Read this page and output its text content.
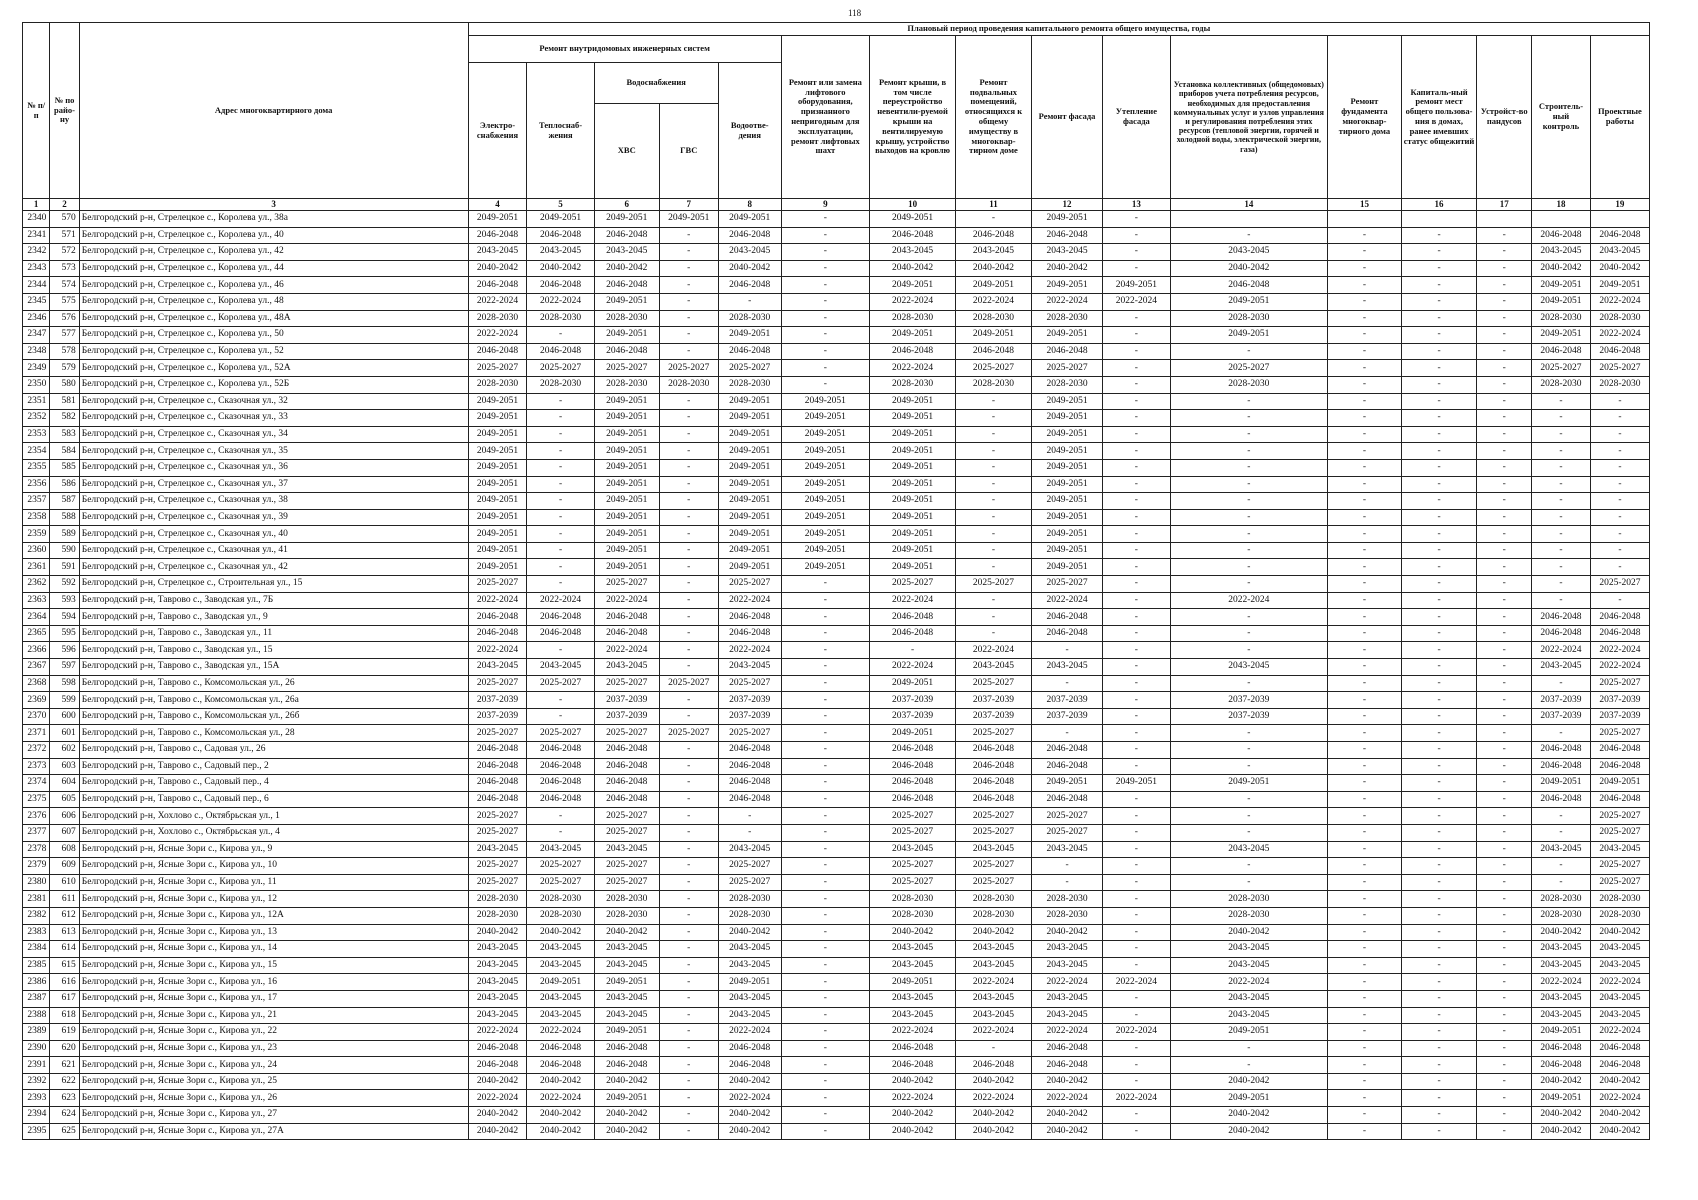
118
№ п/п	№ по райо-ну	Адрес многоквартирного дома	Плановый период проведения капитального ремонта общего имущества, годы															
			Ремонт внутридомовых инженерных систем					Ремонт или замена лифтового оборудования, признанного непригодным для эксплуатации, ремонт лифтовых шахт	Ремонт крыши, в том числе переустройство невентили-руемой крыши на вентилируемую крышу, устройство выходов на кровлю	Ремонт подвальных помещений, относящихся к общему имуществу в многоквар-тирном доме	Ремонт фасада	Утепление фасада	Установка коллективных (общедомовых) приборов учета потребления ресурсов, необходимых для предоставления коммунальных услуг и узлов управления и регулирования потребления этих ресурсов (тепловой энергии, горячей и холодной воды, электрической энергии, газа)	Ремонт фундамента многоквар-тирного дома	Капиталь-ный ремонт мест общего пользова-ния в домах, ранее имевших статус общежитий	Устройст-во пандусов	Строитель-ный контроль	Проектные работы
			Электро-снабжения	Теплоснаб-жения	Водоснабжения		Водоотве-дения											
					ХВС	ГВС												
1	2	3	4	5	6	7	8	9	10	11	12	13	14	15	16	17	18	19
2340	570	Белгородский р-н, Стрелецкое с., Королева ул., 38а	2049-2051	2049-2051	2049-2051	2049-2051	2049-2051	-	2049-2051	-	2049-2051	-						
2341	571	Белгородский р-н, Стрелецкое с., Королева ул., 40	2046-2048	2046-2048	2046-2048	-	2046-2048	-	2046-2048	2046-2048	2046-2048	-	-	-	-	-	2046-2048	2046-2048
2342	572	Белгородский р-н, Стрелецкое с., Королева ул., 42	2043-2045	2043-2045	2043-2045	-	2043-2045	-	2043-2045	2043-2045	2043-2045	-	2043-2045	-	-	-	2043-2045	2043-2045
2343	573	Белгородский р-н, Стрелецкое с., Королева ул., 44	2040-2042	2040-2042	2040-2042	-	2040-2042	-	2040-2042	2040-2042	2040-2042	-	2040-2042	-	-	-	2040-2042	2040-2042
2344	574	Белгородский р-н, Стрелецкое с., Королева ул., 46	2046-2048	2046-2048	2046-2048	-	2046-2048	-	2049-2051	2049-2051	2049-2051	2049-2051	2046-2048	-	-	-	2049-2051	2049-2051
2345	575	Белгородский р-н, Стрелецкое с., Королева ул., 48	2022-2024	2022-2024	2049-2051	-	-	-	2022-2024	2022-2024	2022-2024	2022-2024	2049-2051	-	-	-	2049-2051	2022-2024
2346	576	Белгородский р-н, Стрелецкое с., Королева ул., 48А	2028-2030	2028-2030	2028-2030	-	2028-2030	-	2028-2030	2028-2030	2028-2030	-	2028-2030	-	-	-	2028-2030	2028-2030
2347	577	Белгородский р-н, Стрелецкое с., Королева ул., 50	2022-2024	-	2049-2051	-	2049-2051	-	2049-2051	2049-2051	2049-2051	-	2049-2051	-	-	-	2049-2051	2022-2024
2348	578	Белгородский р-н, Стрелецкое с., Королева ул., 52	2046-2048	2046-2048	2046-2048	-	2046-2048	-	2046-2048	2046-2048	2046-2048	-	-	-	-	-	2046-2048	2046-2048
2349	579	Белгородский р-н, Стрелецкое с., Королева ул., 52А	2025-2027	2025-2027	2025-2027	2025-2027	2025-2027	-	2022-2024	2025-2027	2025-2027	-	2025-2027	-	-	-	2025-2027	2025-2027
2350	580	Белгородский р-н, Стрелецкое с., Королева ул., 52Б	2028-2030	2028-2030	2028-2030	2028-2030	2028-2030	-	2028-2030	2028-2030	2028-2030	-	2028-2030	-	-	-	2028-2030	2028-2030
2351	581	Белгородский р-н, Стрелецкое с., Сказочная ул., 32	2049-2051	-	2049-2051	-	2049-2051	2049-2051	2049-2051	-	2049-2051	-	-	-	-	-	-	-
2352	582	Белгородский р-н, Стрелецкое с., Сказочная ул., 33	2049-2051	-	2049-2051	-	2049-2051	2049-2051	2049-2051	-	2049-2051	-	-	-	-	-	-	-
2353	583	Белгородский р-н, Стрелецкое с., Сказочная ул., 34	2049-2051	-	2049-2051	-	2049-2051	2049-2051	2049-2051	-	2049-2051	-	-	-	-	-	-	-
2354	584	Белгородский р-н, Стрелецкое с., Сказочная ул., 35	2049-2051	-	2049-2051	-	2049-2051	2049-2051	2049-2051	-	2049-2051	-	-	-	-	-	-	-
2355	585	Белгородский р-н, Стрелецкое с., Сказочная ул., 36	2049-2051	-	2049-2051	-	2049-2051	2049-2051	2049-2051	-	2049-2051	-	-	-	-	-	-	-
2356	586	Белгородский р-н, Стрелецкое с., Сказочная ул., 37	2049-2051	-	2049-2051	-	2049-2051	2049-2051	2049-2051	-	2049-2051	-	-	-	-	-	-	-
2357	587	Белгородский р-н, Стрелецкое с., Сказочная ул., 38	2049-2051	-	2049-2051	-	2049-2051	2049-2051	2049-2051	-	2049-2051	-	-	-	-	-	-	-
2358	588	Белгородский р-н, Стрелецкое с., Сказочная ул., 39	2049-2051	-	2049-2051	-	2049-2051	2049-2051	2049-2051	-	2049-2051	-	-	-	-	-	-	-
2359	589	Белгородский р-н, Стрелецкое с., Сказочная ул., 40	2049-2051	-	2049-2051	-	2049-2051	2049-2051	2049-2051	-	2049-2051	-	-	-	-	-	-	-
2360	590	Белгородский р-н, Стрелецкое с., Сказочная ул., 41	2049-2051	-	2049-2051	-	2049-2051	2049-2051	2049-2051	-	2049-2051	-	-	-	-	-	-	-
2361	591	Белгородский р-н, Стрелецкое с., Сказочная ул., 42	2049-2051	-	2049-2051	-	2049-2051	2049-2051	2049-2051	-	2049-2051	-	-	-	-	-	-	-
2362	592	Белгородский р-н, Стрелецкое с., Строительная ул., 15	2025-2027	-	2025-2027	-	2025-2027	-	2025-2027	2025-2027	2025-2027	-	-	-	-	-	-	2025-2027
2363	593	Белгородский р-н, Таврово с., Заводская ул., 7Б	2022-2024	2022-2024	2022-2024	-	2022-2024	-	2022-2024	-	2022-2024	-	2022-2024	-	-	-	-	-
2364	594	Белгородский р-н, Таврово с., Заводская ул., 9	2046-2048	2046-2048	2046-2048	-	2046-2048	-	2046-2048	-	2046-2048	-	-	-	-	-	2046-2048	2046-2048
2365	595	Белгородский р-н, Таврово с., Заводская ул., 11	2046-2048	2046-2048	2046-2048	-	2046-2048	-	2046-2048	-	2046-2048	-	-	-	-	-	2046-2048	2046-2048
2366	596	Белгородский р-н, Таврово с., Заводская ул., 15	2022-2024	-	2022-2024	-	2022-2024	-	-	2022-2024	-	-	-	-	-	-	2022-2024	2022-2024
2367	597	Белгородский р-н, Таврово с., Заводская ул., 15А	2043-2045	2043-2045	2043-2045	-	2043-2045	-	2022-2024	2043-2045	2043-2045	-	2043-2045	-	-	-	2043-2045	2022-2024
2368	598	Белгородский р-н, Таврово с., Комсомольская ул., 26	2025-2027	2025-2027	2025-2027	2025-2027	2025-2027	-	2049-2051	2025-2027	-	-	-	-	-	-	-	2025-2027
2369	599	Белгородский р-н, Таврово с., Комсомольская ул., 26а	2037-2039	-	2037-2039	-	2037-2039	-	2037-2039	2037-2039	2037-2039	-	2037-2039	-	-	-	2037-2039	2037-2039
2370	600	Белгородский р-н, Таврово с., Комсомольская ул., 26б	2037-2039	-	2037-2039	-	2037-2039	-	2037-2039	2037-2039	2037-2039	-	2037-2039	-	-	-	2037-2039	2037-2039
2371	601	Белгородский р-н, Таврово с., Комсомольская ул., 28	2025-2027	2025-2027	2025-2027	2025-2027	2025-2027	-	2049-2051	2025-2027	-	-	-	-	-	-	-	2025-2027
2372	602	Белгородский р-н, Таврово с., Садовая ул., 26	2046-2048	2046-2048	2046-2048	-	2046-2048	-	2046-2048	2046-2048	2046-2048	-	-	-	-	-	2046-2048	2046-2048
2373	603	Белгородский р-н, Таврово с., Садовый пер., 2	2046-2048	2046-2048	2046-2048	-	2046-2048	-	2046-2048	2046-2048	2046-2048	-	-	-	-	-	2046-2048	2046-2048
2374	604	Белгородский р-н, Таврово с., Садовый пер., 4	2046-2048	2046-2048	2046-2048	-	2046-2048	-	2046-2048	2046-2048	2049-2051	2049-2051	2049-2051	-	-	-	2049-2051	2049-2051
2375	605	Белгородский р-н, Таврово с., Садовый пер., 6	2046-2048	2046-2048	2046-2048	-	2046-2048	-	2046-2048	2046-2048	2046-2048	-	-	-	-	-	2046-2048	2046-2048
2376	606	Белгородский р-н, Хохлово с., Октябрьская ул., 1	2025-2027	-	2025-2027	-	-	-	2025-2027	2025-2027	2025-2027	-	-	-	-	-	-	2025-2027
2377	607	Белгородский р-н, Хохлово с., Октябрьская ул., 4	2025-2027	-	2025-2027	-	-	-	2025-2027	2025-2027	2025-2027	-	-	-	-	-	-	2025-2027
2378	608	Белгородский р-н, Ясные Зори с., Кирова ул., 9	2043-2045	2043-2045	2043-2045	-	2043-2045	-	2043-2045	2043-2045	2043-2045	-	2043-2045	-	-	-	2043-2045	2043-2045
2379	609	Белгородский р-н, Ясные Зори с., Кирова ул., 10	2025-2027	2025-2027	2025-2027	-	2025-2027	-	2025-2027	2025-2027	-	-	-	-	-	-	-	2025-2027
2380	610	Белгородский р-н, Ясные Зори с., Кирова ул., 11	2025-2027	2025-2027	2025-2027	-	2025-2027	-	2025-2027	2025-2027	-	-	-	-	-	-	-	2025-2027
2381	611	Белгородский р-н, Ясные Зори с., Кирова ул., 12	2028-2030	2028-2030	2028-2030	-	2028-2030	-	2028-2030	2028-2030	2028-2030	-	2028-2030	-	-	-	2028-2030	2028-2030
2382	612	Белгородский р-н, Ясные Зори с., Кирова ул., 12А	2028-2030	2028-2030	2028-2030	-	2028-2030	-	2028-2030	2028-2030	2028-2030	-	2028-2030	-	-	-	2028-2030	2028-2030
2383	613	Белгородский р-н, Ясные Зори с., Кирова ул., 13	2040-2042	2040-2042	2040-2042	-	2040-2042	-	2040-2042	2040-2042	2040-2042	-	2040-2042	-	-	-	2040-2042	2040-2042
2384	614	Белгородский р-н, Ясные Зори с., Кирова ул., 14	2043-2045	2043-2045	2043-2045	-	2043-2045	-	2043-2045	2043-2045	2043-2045	-	2043-2045	-	-	-	2043-2045	2043-2045
2385	615	Белгородский р-н, Ясные Зори с., Кирова ул., 15	2043-2045	2043-2045	2043-2045	-	2043-2045	-	2043-2045	2043-2045	2043-2045	-	2043-2045	-	-	-	2043-2045	2043-2045
2386	616	Белгородский р-н, Ясные Зори с., Кирова ул., 16	2043-2045	2049-2051	2049-2051	-	2049-2051	-	2049-2051	2022-2024	2022-2024	2022-2024	2022-2024	-	-	-	2022-2024	2022-2024
2387	617	Белгородский р-н, Ясные Зори с., Кирова ул., 17	2043-2045	2043-2045	2043-2045	-	2043-2045	-	2043-2045	2043-2045	2043-2045	-	2043-2045	-	-	-	2043-2045	2043-2045
2388	618	Белгородский р-н, Ясные Зори с., Кирова ул., 21	2043-2045	2043-2045	2043-2045	-	2043-2045	-	2043-2045	2043-2045	2043-2045	-	2043-2045	-	-	-	2043-2045	2043-2045
2389	619	Белгородский р-н, Ясные Зори с., Кирова ул., 22	2022-2024	2022-2024	2049-2051	-	2022-2024	-	2022-2024	2022-2024	2022-2024	2022-2024	2049-2051	-	-	-	2049-2051	2022-2024
2390	620	Белгородский р-н, Ясные Зори с., Кирова ул., 23	2046-2048	2046-2048	2046-2048	-	2046-2048	-	2046-2048	-	2046-2048	-	-	-	-	-	2046-2048	2046-2048
2391	621	Белгородский р-н, Ясные Зори с., Кирова ул., 24	2046-2048	2046-2048	2046-2048	-	2046-2048	-	2046-2048	2046-2048	2046-2048	-	-	-	-	-	2046-2048	2046-2048
2392	622	Белгородский р-н, Ясные Зори с., Кирова ул., 25	2040-2042	2040-2042	2040-2042	-	2040-2042	-	2040-2042	2040-2042	2040-2042	-	2040-2042	-	-	-	2040-2042	2040-2042
2393	623	Белгородский р-н, Ясные Зори с., Кирова ул., 26	2022-2024	2022-2024	2049-2051	-	2022-2024	-	2022-2024	2022-2024	2022-2024	2022-2024	2049-2051	-	-	-	2049-2051	2022-2024
2394	624	Белгородский р-н, Ясные Зори с., Кирова ул., 27	2040-2042	2040-2042	2040-2042	-	2040-2042	-	2040-2042	2040-2042	2040-2042	-	2040-2042	-	-	-	2040-2042	2040-2042
2395	625	Белгородский р-н, Ясные Зори с., Кирова ул., 27А	2040-2042	2040-2042	2040-2042	-	2040-2042	-	2040-2042	2040-2042	2040-2042	-	2040-2042	-	-	-	2040-2042	2040-2042
